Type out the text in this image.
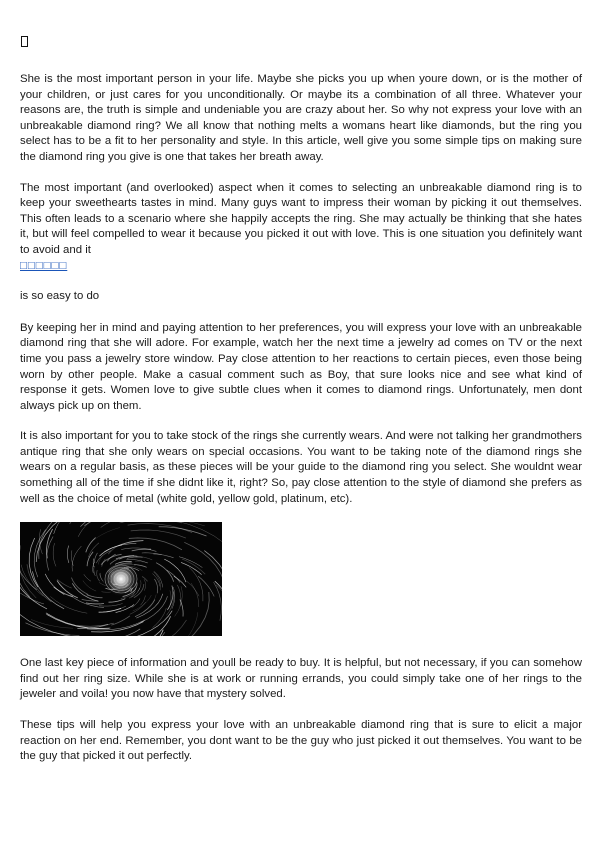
She is the most important person in your life. Maybe she picks you up when youre down, or is the mother of your children, or just cares for you unconditionally. Or maybe its a combination of all three. Whatever your reasons are, the truth is simple and undeniable you are crazy about her. So why not express your love with an unbreakable diamond ring? We all know that nothing melts a womans heart like diamonds, but the ring you select has to be a fit to her personality and style. In this article, well give you some simple tips on making sure the diamond ring you give is one that takes her breath away.

The most important (and overlooked) aspect when it comes to selecting an unbreakable diamond ring is to keep your sweethearts tastes in mind. Many guys want to impress their woman by picking it out themselves. This often leads to a scenario where she happily accepts the ring. She may actually be thinking that she hates it, but will feel compelled to wear it because you picked it out with love. This is one situation you definitely want to avoid and it
□□□□□□

is so easy to do

By keeping her in mind and paying attention to her preferences, you will express your love with an unbreakable diamond ring that she will adore. For example, watch her the next time a jewelry ad comes on TV or the next time you pass a jewelry store window. Pay close attention to her reactions to certain pieces, even those being worn by other people. Make a casual comment such as Boy, that sure looks nice and see what kind of response it gets. Women love to give subtle clues when it comes to diamond rings. Unfortunately, men dont always pick up on them.

It is also important for you to take stock of the rings she currently wears. And were not talking her grandmothers antique ring that she only wears on special occasions. You want to be taking note of the diamond rings she wears on a regular basis, as these pieces will be your guide to the diamond ring you select. She wouldnt wear something all of the time if she didnt like it, right? So, pay close attention to the style of diamond she prefers as well as the choice of metal (white gold, yellow gold, platinum, etc).

One last key piece of information and youll be ready to buy. It is helpful, but not necessary, if you can somehow find out her ring size. While she is at work or running errands, you could simply take one of her rings to the jeweler and voila! you now have that mystery solved.

These tips will help you express your love with an unbreakable diamond ring that is sure to elicit a major reaction on her end. Remember, you dont want to be the guy who just picked it out themselves. You want to be the guy that picked it out perfectly.
